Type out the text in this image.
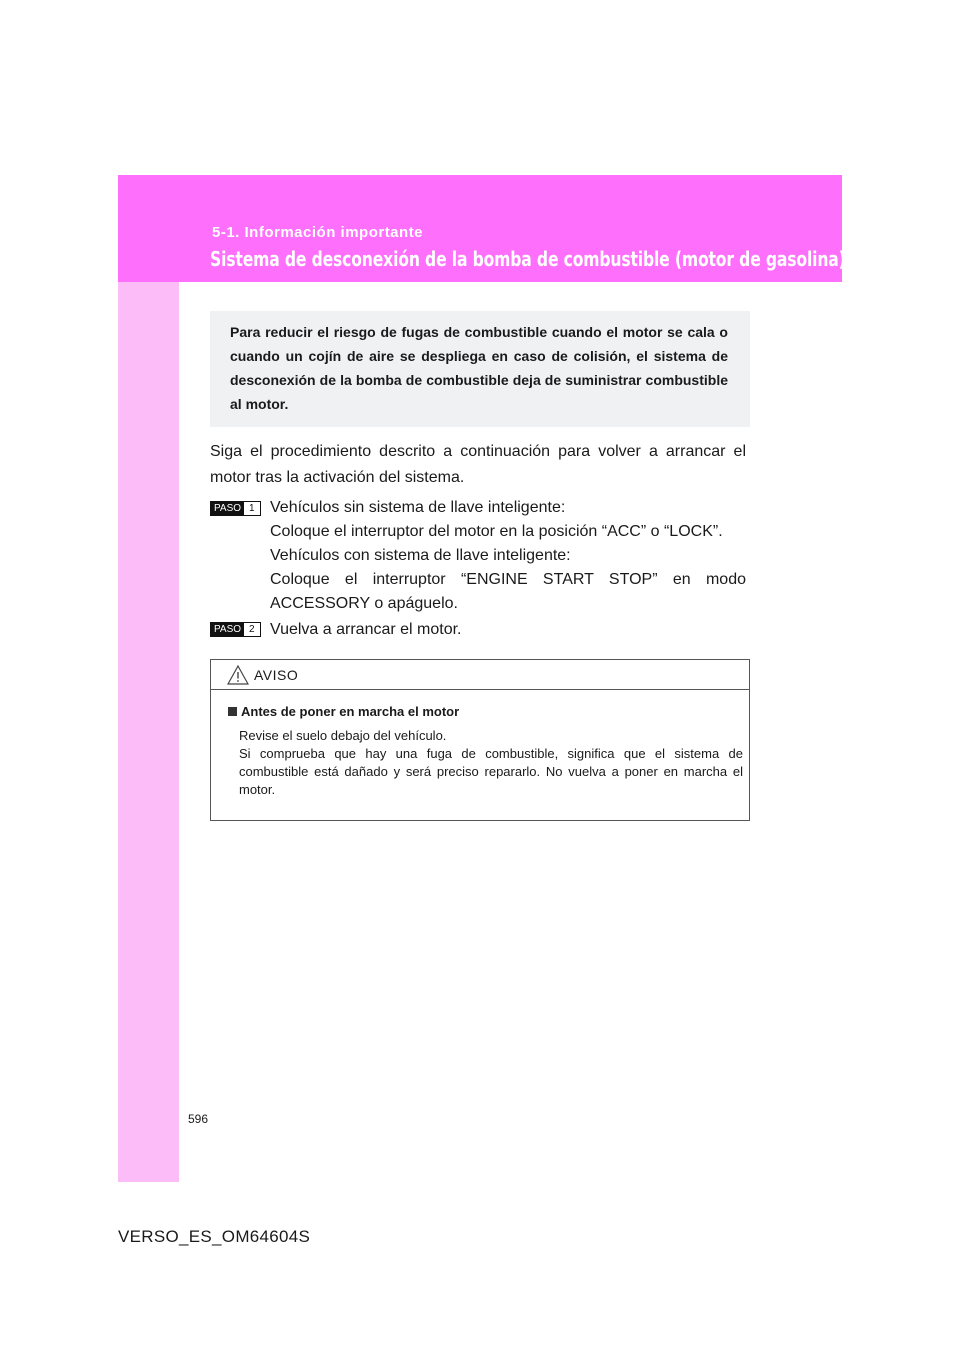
5-1. Información importante
Sistema de desconexión de la bomba de combustible (motor de gasolina)

Para reducir el riesgo de fugas de combustible cuando el motor se cala o cuando un cojín de aire se despliega en caso de colisión, el sistema de desconexión de la bomba de combustible deja de suministrar combustible al motor.

Siga el procedimiento descrito a continuación para volver a arrancar el motor tras la activación del sistema.

PASO 1 Vehículos sin sistema de llave inteligente:

Coloque el interruptor del motor en la posición “ACC” o “LOCK”.

Vehículos con sistema de llave inteligente:

Coloque el interruptor “ENGINE START STOP” en modo

ACCESSORY o apáguelo.

PASO 2 Vuelva a arrancar el motor.

AVISO

Antes de poner en marcha el motor

Revise el suelo debajo del vehículo.
Si comprueba que hay una fuga de combustible, significa que el sistema de combustible está dañado y será preciso repararlo. No vuelva a poner en marcha el motor.

596
VERSO_ES_OM64604S
